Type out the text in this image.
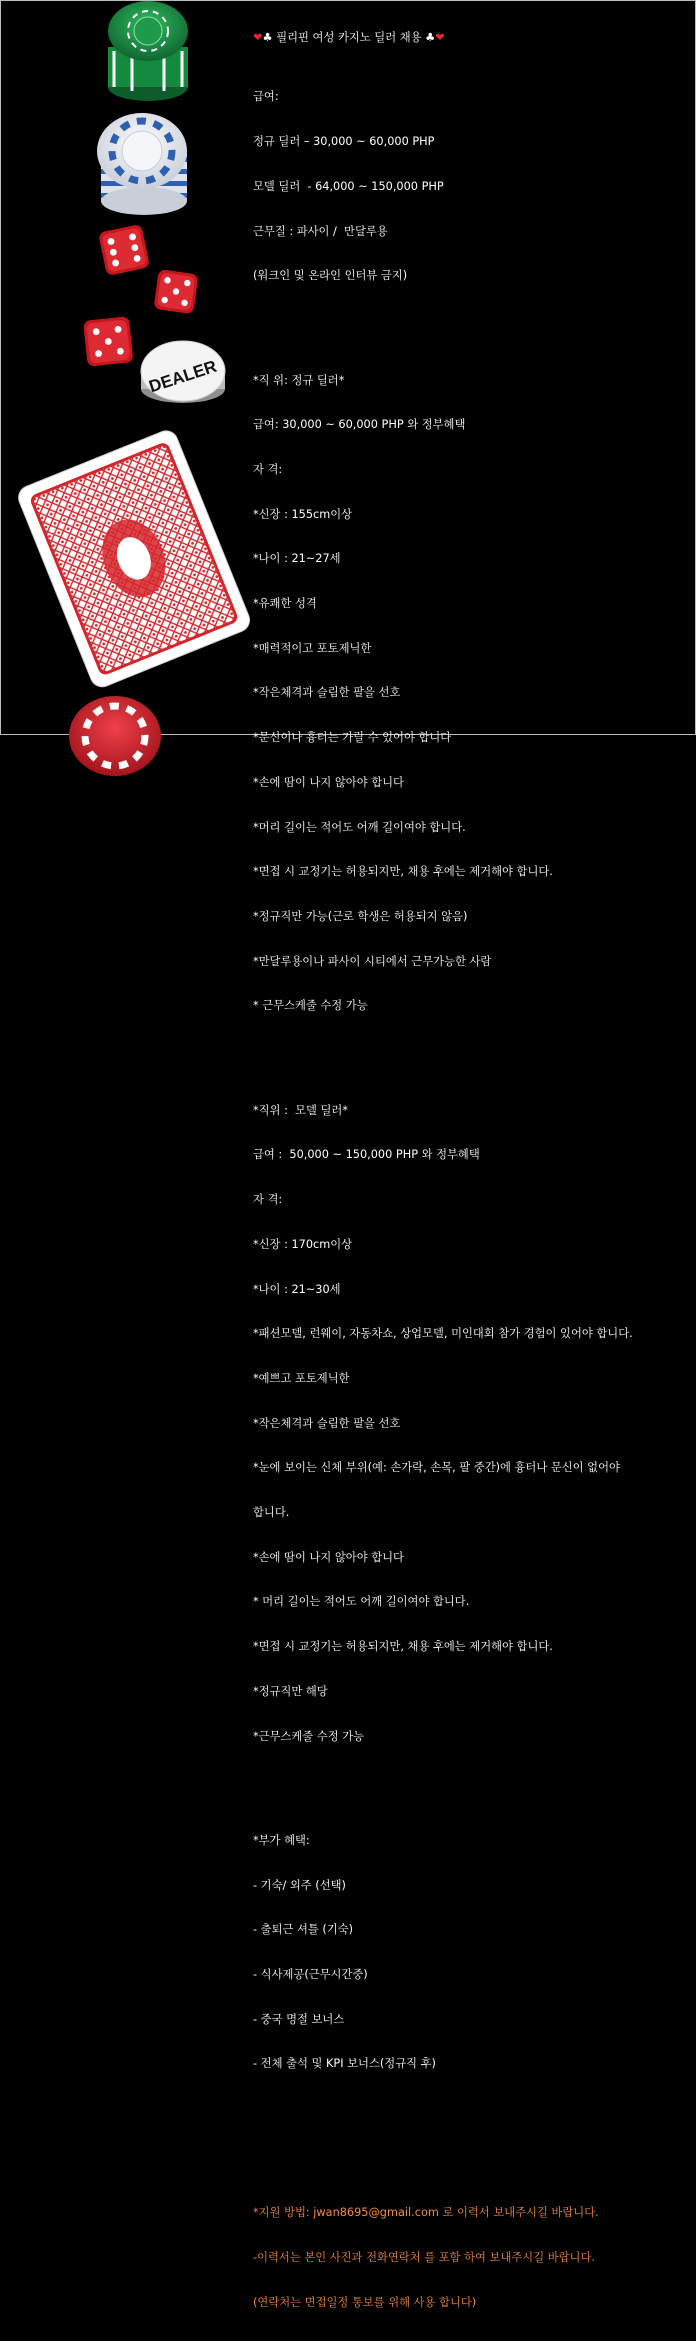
DEALER

❤♣ 필리핀 여성 카지노 딜러 채용 ♣❤

급여:

정규 딜러 – 30,000 ~ 60,000 PHP

모델 딜러  - 64,000 ~ 150,000 PHP

근무질 : 파사이 /  만달루용

(워크인 및 온라인 인터뷰 금지)

*직 위: 정규 딜러*

급여: 30,000 ~ 60,000 PHP 와 정부혜택

자 격:

*신장 : 155cm이상

*나이 : 21~27세

*유쾌한 성격

*매력적이고 포토제닉한

*작은체격과 슬림한 팔을 선호

*문신이나 흉터는 가릴 수 있어야 합니다

*손에 땀이 나지 않아야 합니다

*머리 길이는 적어도 어깨 길이여야 합니다.

*면접 시 교정기는 허용되지만, 채용 후에는 제거해야 합니다.

*정규직만 가능(근로 학생은 허용되지 않음)

*만달루용이나 파사이 시티에서 근무가능한 사람

* 근무스케줄 수정 가능

*직위 :  모델 딜러*

급여 :  50,000 ~ 150,000 PHP 와 정부혜택

자 격:

*신장 : 170cm이상

*나이 : 21~30세

*패션모델, 런웨이, 자동차쇼, 상업모델, 미인대회 참가 경험이 있어야 합니다.

*예쁘고 포토제닉한

*작은체격과 슬림한 팔을 선호

*눈에 보이는 신체 부위(예: 손가락, 손목, 팔 중간)에 흉터나 문신이 없어야

합니다.

*손에 땀이 나지 않아야 합니다

* 머리 길이는 적어도 어깨 길이여야 합니다.

*면접 시 교정기는 허용되지만, 채용 후에는 제거해야 합니다.

*정규직만 해당

*근무스케줄 수정 가능

*부가 혜택:

- 기숙/ 외주 (선택)

- 출퇴근 셔틀 (기숙)

- 식사제공(근무시간중)

- 중국 명절 보너스

- 전체 출석 및 KPI 보너스(정규직 후)

*지원 방법: jwan8695@gmail.com 로 이력서 보내주시길 바랍니다.

-이력서는 본인 사진과 전화연락처 를 포함 하여 보내주시길 바랍니다.

(연락처는 면접일정 통보를 위해 사용 합니다)
